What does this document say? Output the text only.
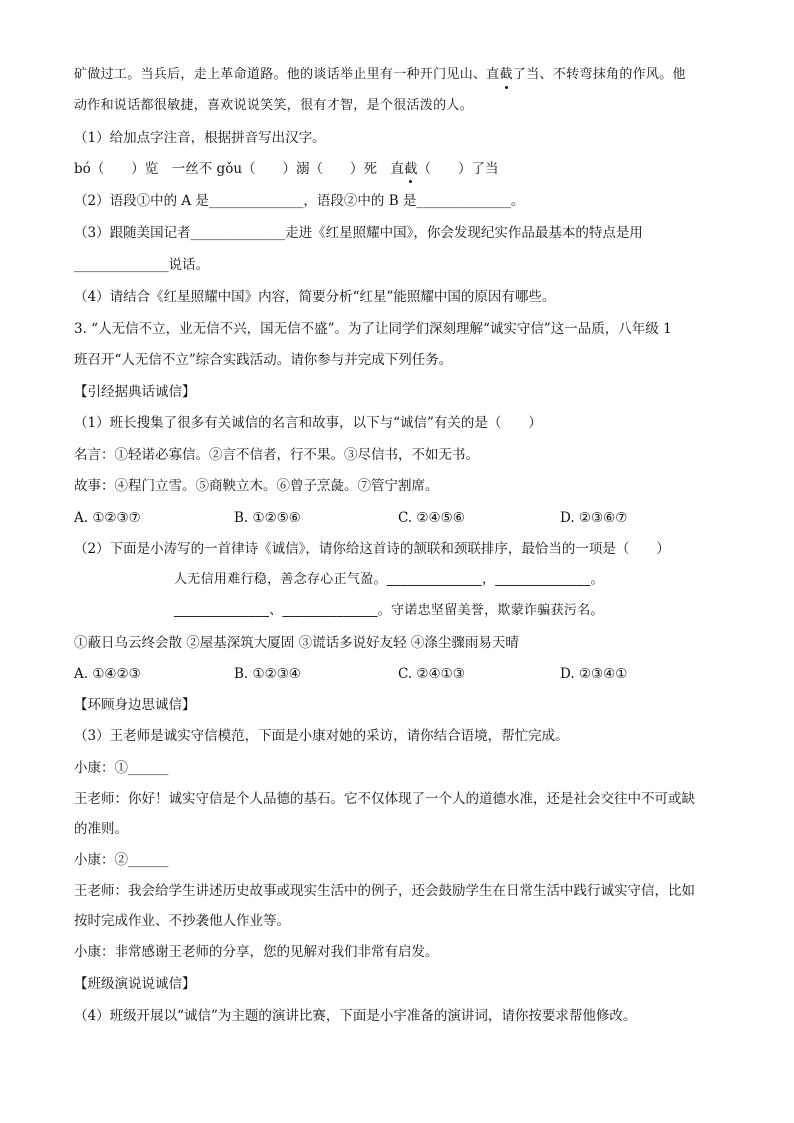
矿做过工。当兵后，走上革命道路。他的谈话举止里有一种开门见山、直截了当、不转弯抹角的作风。他
动作和说话都很敏捷，喜欢说说笑笑，很有才智，是个很活泼的人。
（1）给加点字注音，根据拼音写出汉字。
bó（　　）览　一丝不 gǒu（　　）溺（　　）死　直截（　　）了当
（2）语段①中的 A 是______________，语段②中的 B 是______________。
（3）跟随美国记者______________走进《红星照耀中国》，你会发现纪实作品最基本的特点是用
______________说话。
（4）请结合《红星照耀中国》内容，简要分析“红星”能照耀中国的原因有哪些。
3. “人无信不立，业无信不兴，国无信不盛”。为了让同学们深刻理解“诚实守信”这一品质，八年级 1
班召开“人无信不立”综合实践活动。请你参与并完成下列任务。
【引经据典话诚信】
（1）班长搜集了很多有关诚信的名言和故事，以下与“诚信”有关的是（　　）
名言：①轻诺必寡信。②言不信者，行不果。③尽信书，不如无书。
故事：④程门立雪。⑤商鞅立木。⑥曾子烹彘。⑦管宁割席。
A. ①②③⑦	B. ①②⑤⑥	C. ②④⑤⑥	D. ②③⑥⑦
（2）下面是小涛写的一首律诗《诚信》，请你给这首诗的颔联和颈联排序，最恰当的一项是（　　）
人无信用难行稳，善念存心正气盈。______________，______________。
______________、______________。守诺忠坚留美誉，欺蒙诈骗获污名。
①蔽日乌云终会散 ②屋基深筑大厦固 ③谎话多说好友轻 ④涤尘骤雨易天晴
A. ①④②③	B. ①②③④	C. ②④①③	D. ②③④①
【环顾身边思诚信】
（3）王老师是诚实守信模范，下面是小康对她的采访，请你结合语境，帮忙完成。
小康：①______
王老师：你好！诚实守信是个人品德的基石。它不仅体现了一个人的道德水准，还是社会交往中不可或缺
的准则。
小康：②______
王老师：我会给学生讲述历史故事或现实生活中的例子，还会鼓励学生在日常生活中践行诚实守信，比如
按时完成作业、不抄袭他人作业等。
小康：非常感谢王老师的分享，您的见解对我们非常有启发。
【班级演说说诚信】
（4）班级开展以“诚信”为主题的演讲比赛，下面是小宇准备的演讲词，请你按要求帮他修改。
